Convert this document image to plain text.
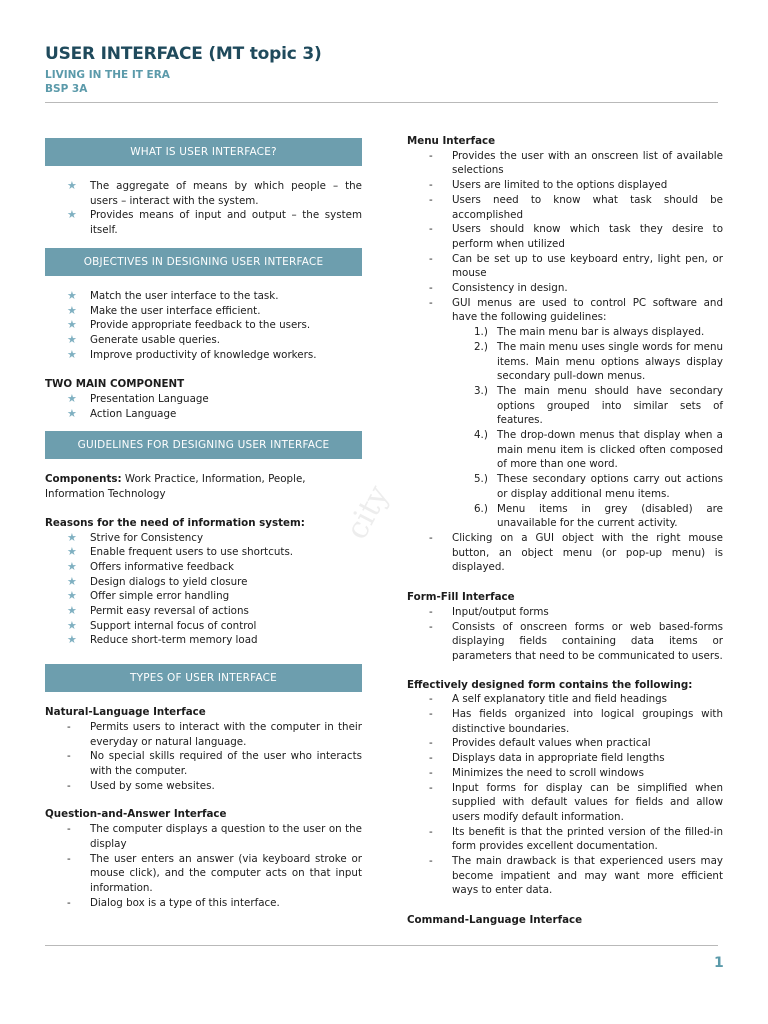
USER INTERFACE (MT topic 3)
LIVING IN THE IT ERA
BSP 3A
city
WHAT IS USER INTERFACE?
★ The aggregate of means by which people – the users – interact with the system.
★ Provides means of input and output – the system itself.
OBJECTIVES IN DESIGNING USER INTERFACE
★ Match the user interface to the task.
★ Make the user interface efficient.
★ Provide appropriate feedback to the users.
★ Generate usable queries.
★ Improve productivity of knowledge workers.
TWO MAIN COMPONENT
★ Presentation Language
★ Action Language
GUIDELINES FOR DESIGNING USER INTERFACE
Components: Work Practice, Information, People, Information Technology
Reasons for the need of information system:
★ Strive for Consistency
★ Enable frequent users to use shortcuts.
★ Offers informative feedback
★ Design dialogs to yield closure
★ Offer simple error handling
★ Permit easy reversal of actions
★ Support internal focus of control
★ Reduce short-term memory load
TYPES OF USER INTERFACE
Natural-Language Interface
- Permits users to interact with the computer in their everyday or natural language.
- No special skills required of the user who interacts with the computer.
- Used by some websites.
Question-and-Answer Interface
- The computer displays a question to the user on the display
- The user enters an answer (via keyboard stroke or mouse click), and the computer acts on that input information.
- Dialog box is a type of this interface.
Menu Interface
- Provides the user with an onscreen list of available selections
- Users are limited to the options displayed
- Users need to know what task should be accomplished
- Users should know which task they desire to perform when utilized
- Can be set up to use keyboard entry, light pen, or mouse
- Consistency in design.
- GUI menus are used to control PC software and have the following guidelines:
1.) The main menu bar is always displayed.
2.) The main menu uses single words for menu items. Main menu options always display secondary pull-down menus.
3.) The main menu should have secondary options grouped into similar sets of features.
4.) The drop-down menus that display when a main menu item is clicked often composed of more than one word.
5.) These secondary options carry out actions or display additional menu items.
6.) Menu items in grey (disabled) are unavailable for the current activity.
- Clicking on a GUI object with the right mouse button, an object menu (or pop-up menu) is displayed.
Form-Fill Interface
- Input/output forms
- Consists of onscreen forms or web based-forms displaying fields containing data items or parameters that need to be communicated to users.
Effectively designed form contains the following:
- A self explanatory title and field headings
- Has fields organized into logical groupings with distinctive boundaries.
- Provides default values when practical
- Displays data in appropriate field lengths
- Minimizes the need to scroll windows
- Input forms for display can be simplified when supplied with default values for fields and allow users modify default information.
- Its benefit is that the printed version of the filled-in form provides excellent documentation.
- The main drawback is that experienced users may become impatient and may want more efficient ways to enter data.
Command-Language Interface
1
